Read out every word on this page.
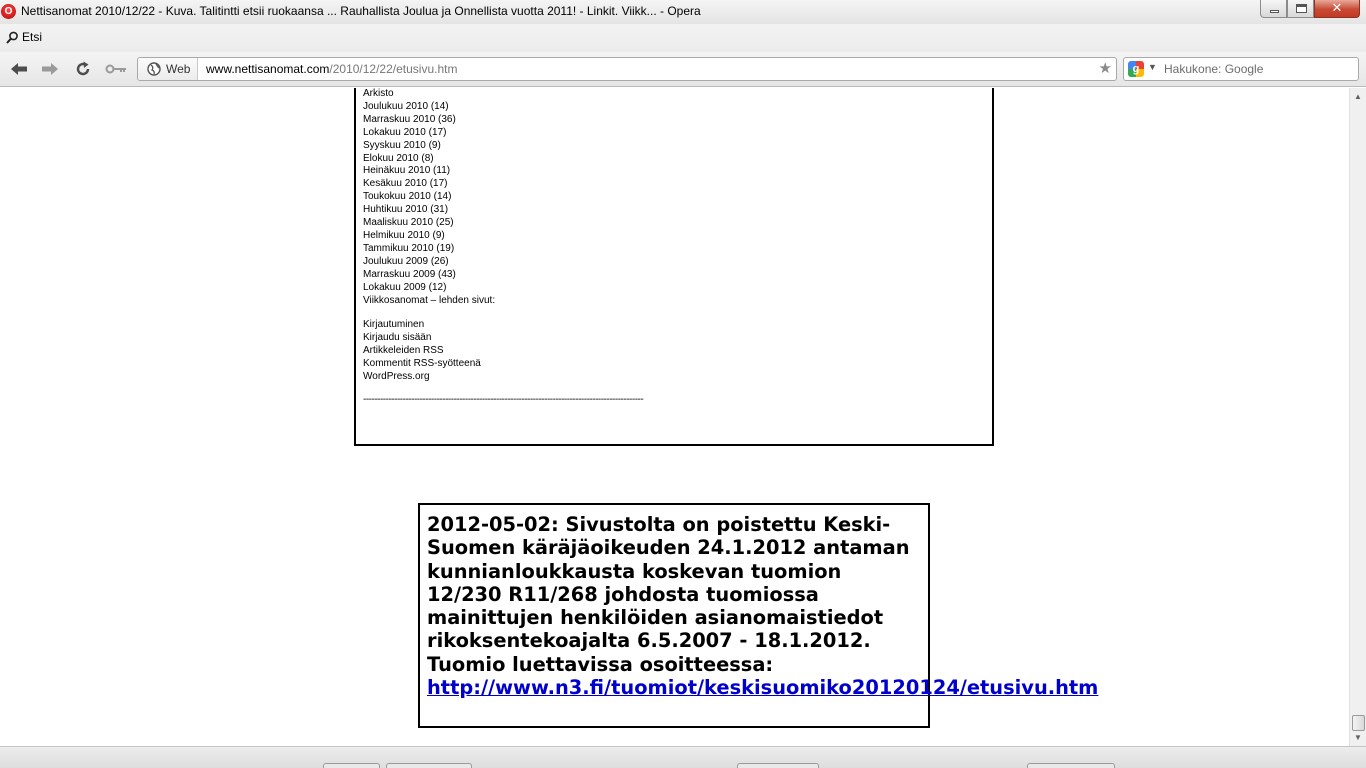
O Nettisanomat 2010/12/22 - Kuva. Talitintti etsii ruokaansa ... Rauhallista Joulua ja Onnellista vuotta 2011! - Linkit. Viikk... - Opera	✕
Etsi
Web www.nettisanomat.com/2010/12/22/etusivu.htm	★	g ▼ Hakukone: Google
Arkisto
Joulukuu 2010 (14)
Marraskuu 2010 (36)
Lokakuu 2010 (17)
Syyskuu 2010 (9)
Elokuu 2010 (8)
Heinäkuu 2010 (11)
Kesäkuu 2010 (17)
Toukokuu 2010 (14)
Huhtikuu 2010 (31)
Maaliskuu 2010 (25)
Helmikuu 2010 (9)
Tammikuu 2010 (19)
Joulukuu 2009 (26)
Marraskuu 2009 (43)
Lokakuu 2009 (12)
Viikkosanomat – lehden sivut:
Kirjautuminen
Kirjaudu sisään
Artikkeleiden RSS
Kommentit RSS-syötteenä
WordPress.org
---------------------------------------------------------------------------------------------------

2012-05-02: Sivustolta on poistettu Keski-Suomen käräjäoikeuden 24.1.2012 antaman kunnianloukkausta koskevan tuomion 12/230 R11/268 johdosta tuomiossa mainittujen henkilöiden asianomaistiedot rikoksentekoajalta 6.5.2007 - 18.1.2012. Tuomio luettavissa osoitteessa: http://www.n3.fi/tuomiot/keskisuomiko20120124/etusivu.htm

▲
▼
